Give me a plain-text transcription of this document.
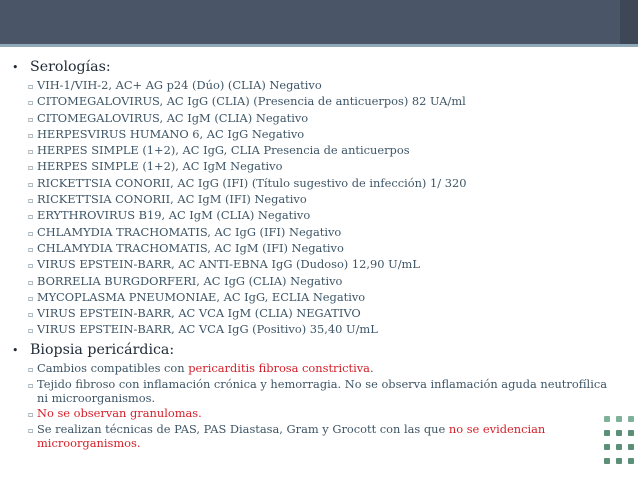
• Serologías:
▫ VIH-1/VIH-2, AC+ AG p24 (Dúo) (CLIA) Negativo
▫ CITOMEGALOVIRUS, AC IgG (CLIA) (Presencia de anticuerpos) 82 UA/ml
▫ CITOMEGALOVIRUS, AC IgM (CLIA) Negativo
▫ HERPESVIRUS HUMANO 6, AC IgG Negativo
▫ HERPES SIMPLE (1+2), AC IgG, CLIA Presencia de anticuerpos
▫ HERPES SIMPLE (1+2), AC IgM Negativo
▫ RICKETTSIA CONORII, AC IgG (IFI) (Título sugestivo de infección) 1/ 320
▫ RICKETTSIA CONORII, AC IgM (IFI) Negativo
▫ ERYTHROVIRUS B19, AC IgM (CLIA) Negativo
▫ CHLAMYDIA TRACHOMATIS, AC IgG (IFI) Negativo
▫ CHLAMYDIA TRACHOMATIS, AC IgM (IFI) Negativo
▫ VIRUS EPSTEIN-BARR, AC ANTI-EBNA IgG (Dudoso) 12,90 U/mL
▫ BORRELIA BURGDORFERI, AC IgG (CLIA) Negativo
▫ MYCOPLASMA PNEUMONIAE, AC IgG, ECLIA Negativo
▫ VIRUS EPSTEIN-BARR, AC VCA IgM (CLIA) NEGATIVO
▫ VIRUS EPSTEIN-BARR, AC VCA IgG (Positivo) 35,40 U/mL
• Biopsia pericárdica:
▫ Cambios compatibles con pericarditis fibrosa constrictiva.
▫ Tejido fibroso con inflamación crónica y hemorragia. No se observa inflamación aguda neutrofílica ni microorganismos.
▫ No se observan granulomas.
▫ Se realizan técnicas de PAS, PAS Diastasa, Gram y Grocott con las que no se evidencian microorganismos.
